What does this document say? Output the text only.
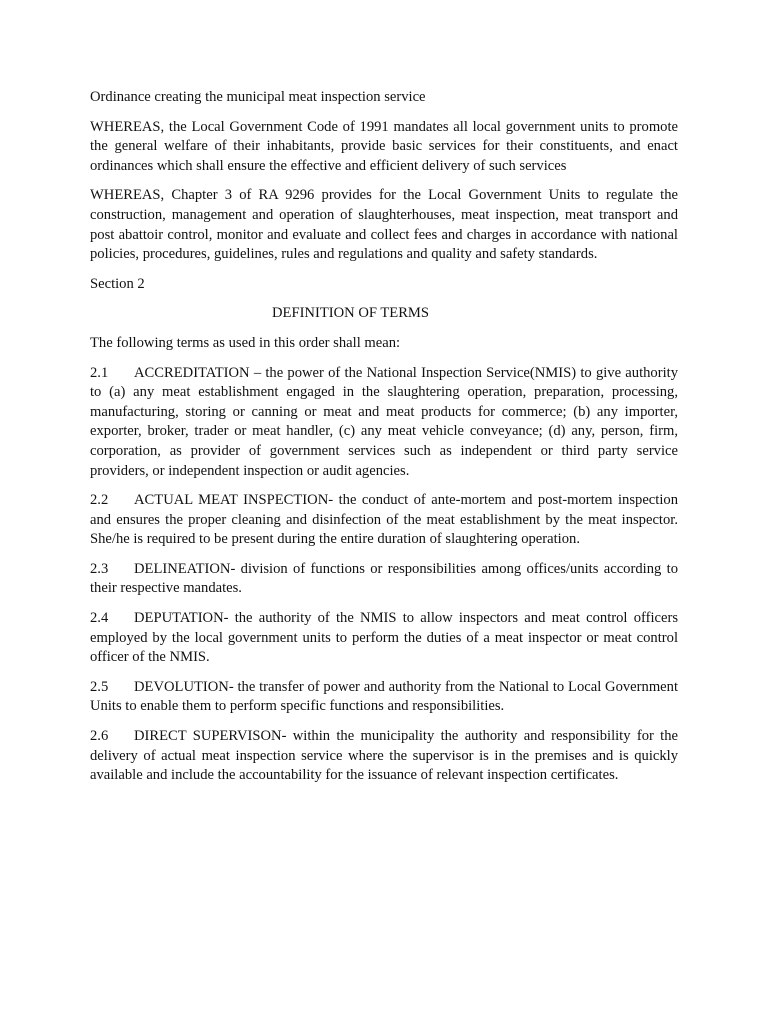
Ordinance creating the municipal meat inspection service

WHEREAS, the Local Government Code of 1991 mandates all local government units to promote the general welfare of their inhabitants, provide basic services for their constituents, and enact ordinances which shall ensure the effective and efficient delivery of such services

WHEREAS, Chapter 3 of RA 9296 provides for the Local Government Units to regulate the construction, management and operation of slaughterhouses, meat inspection, meat transport and post abattoir control, monitor and evaluate and collect fees and charges in accordance with national policies, procedures, guidelines, rules and regulations and quality and safety standards.

Section 2

DEFINITION OF TERMS

The following terms as used in this order shall mean:

2.1 ACCREDITATION – the power of the National Inspection Service(NMIS) to give authority to (a) any meat establishment engaged in the slaughtering operation, preparation, processing, manufacturing, storing or canning or meat and meat products for commerce; (b) any importer, exporter, broker, trader or meat handler, (c) any meat vehicle conveyance; (d) any, person, firm, corporation, as provider of government services such as independent or third party service providers, or independent inspection or audit agencies.

2.2 ACTUAL MEAT INSPECTION- the conduct of ante-mortem and post-mortem inspection and ensures the proper cleaning and disinfection of the meat establishment by the meat inspector. She/he is required to be present during the entire duration of slaughtering operation.

2.3 DELINEATION- division of functions or responsibilities among offices/units according to their respective mandates.

2.4 DEPUTATION- the authority of the NMIS to allow inspectors and meat control officers employed by the local government units to perform the duties of a meat inspector or meat control officer of the NMIS.

2.5 DEVOLUTION- the transfer of power and authority from the National to Local Government Units to enable them to perform specific functions and responsibilities.

2.6 DIRECT SUPERVISON- within the municipality the authority and responsibility for the delivery of actual meat inspection service where the supervisor is in the premises and is quickly available and include the accountability for the issuance of relevant inspection certificates.
